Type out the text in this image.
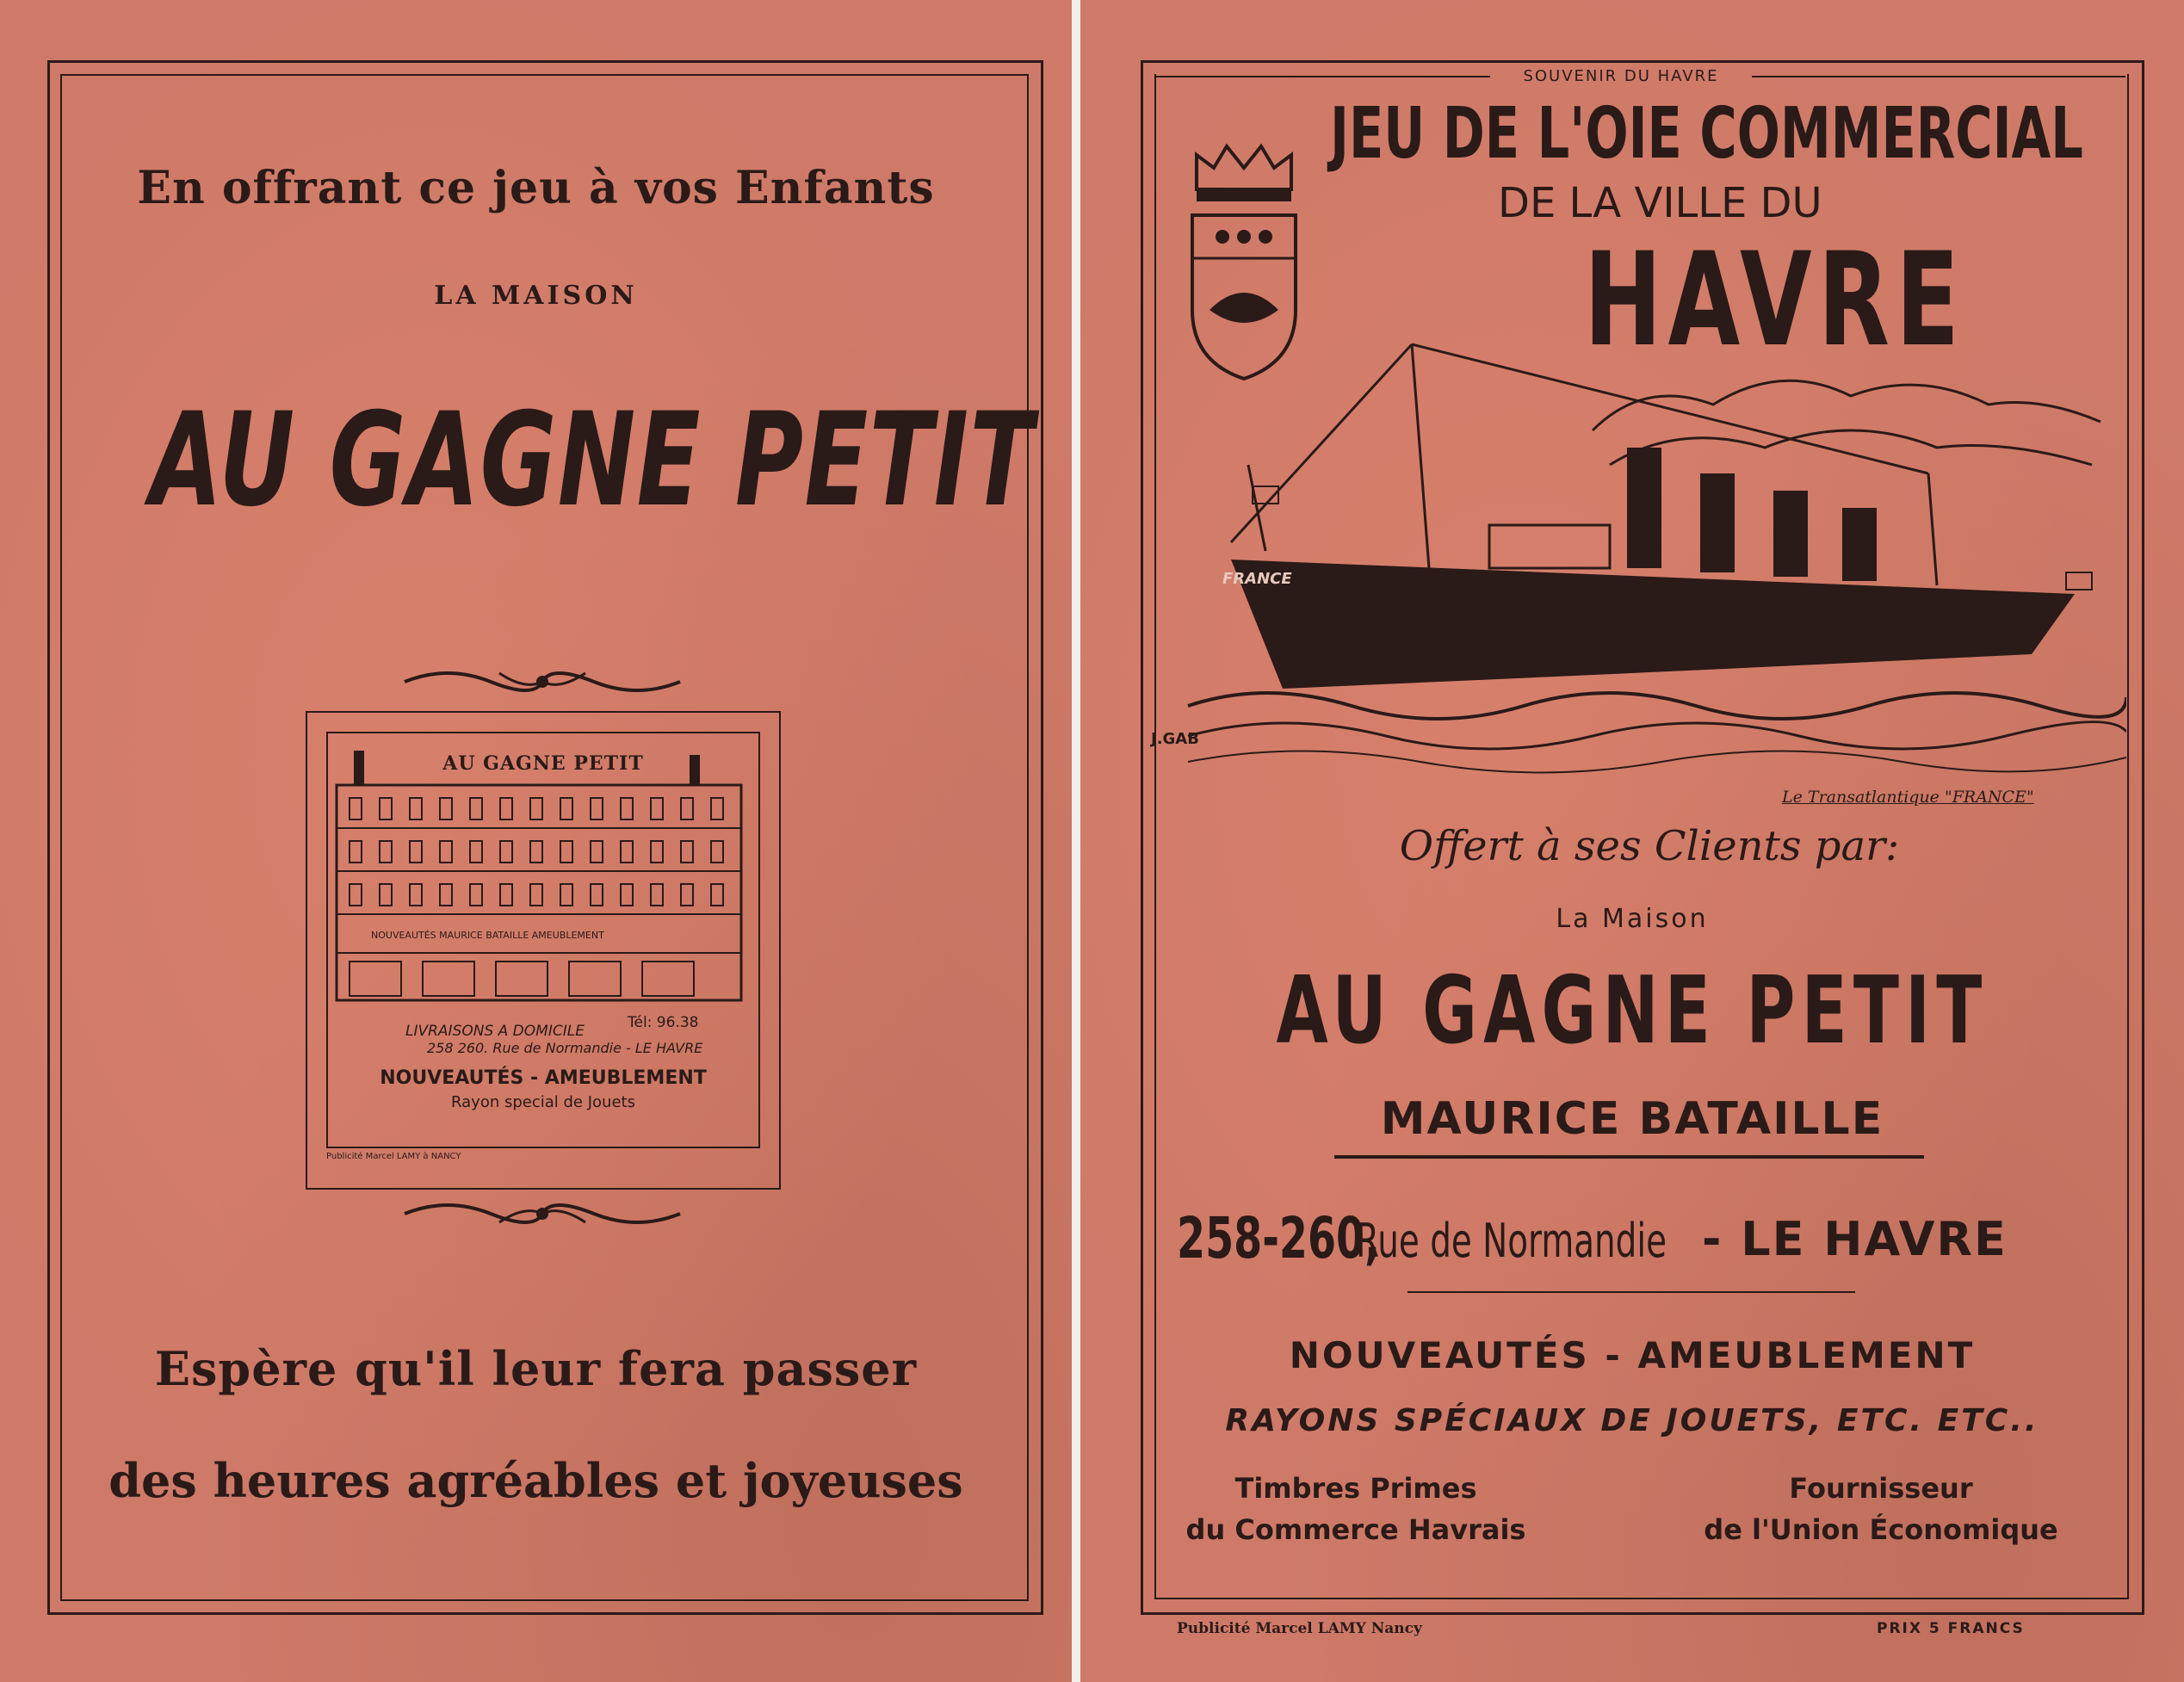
En offrant ce jeu à vos Enfants
LA MAISON
AU GAGNE PETIT
AU GAGNE PETIT
NOUVEAUTÉS MAURICE BATAILLE AMEUBLEMENT
LIVRAISONS A DOMICILE	Tél: 96.38
258 260. Rue de Normandie - LE HAVRE
NOUVEAUTÉS - AMEUBLEMENT
Rayon special de Jouets
Publicité Marcel LAMY à NANCY
Espère qu'il leur fera passer
des heures agréables et joyeuses
SOUVENIR DU HAVRE
JEU DE L'OIE COMMERCIAL
DE LA VILLE DU
HAVRE
FRANCE
J.GAB
Le Transatlantique "FRANCE"
Offert à ses Clients par:
La Maison
AU GAGNE PETIT
MAURICE BATAILLE
258-260,
Rue de Normandie - LE HAVRE
NOUVEAUTÉS - AMEUBLEMENT
RAYONS SPÉCIAUX DE JOUETS, ETC. ETC..
Timbres Primes
du Commerce Havrais
Fournisseur
de l'Union Économique
Publicité Marcel LAMY Nancy	PRIX 5 FRANCS
